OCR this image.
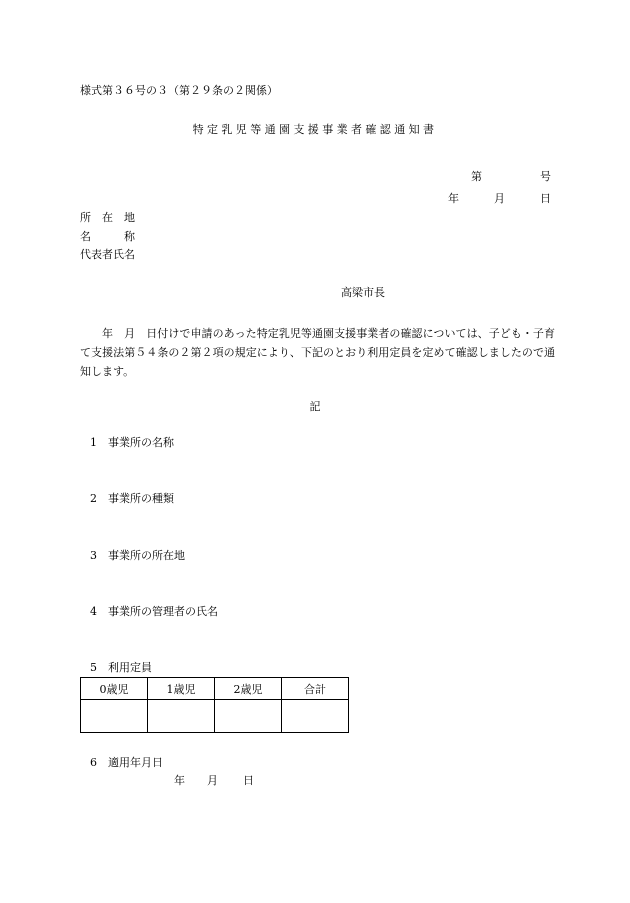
様式第３６号の３（第２９条の２関係）
特定乳児等通園支援事業者確認通知書
第	号
年	月	日
所　在　地
名　　　称
代表者氏名
高梁市長
年　月　日付けで申請のあった特定乳児等通園支援事業者の確認については、子ども・子育て支援法第５４条の２第２項の規定により、下記のとおり利用定員を定めて確認しましたので通知します。
記
1　事業所の名称
2　事業所の種類
3　事業所の所在地
4　事業所の管理者の氏名
5　利用定員
0歳児	1歳児	2歳児	合計

6　適用年月日
年 月 日
